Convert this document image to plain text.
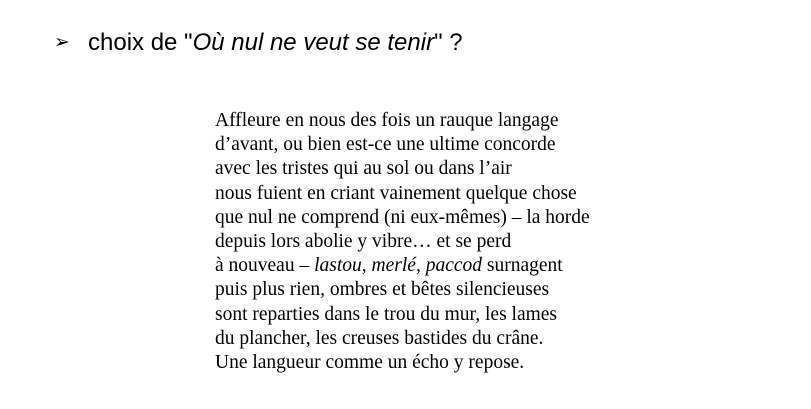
➢ choix de "Où nul ne veut se tenir" ?
Affleure en nous des fois un rauque langage
d’avant, ou bien est-ce une ultime concorde
avec les tristes qui au sol ou dans l’air
nous fuient en criant vainement quelque chose
que nul ne comprend (ni eux-mêmes) – la horde
depuis lors abolie y vibre… et se perd
à nouveau – lastou, merlé, paccod surnagent
puis plus rien, ombres et bêtes silencieuses
sont reparties dans le trou du mur, les lames
du plancher, les creuses bastides du crâne.
Une langueur comme un écho y repose.
